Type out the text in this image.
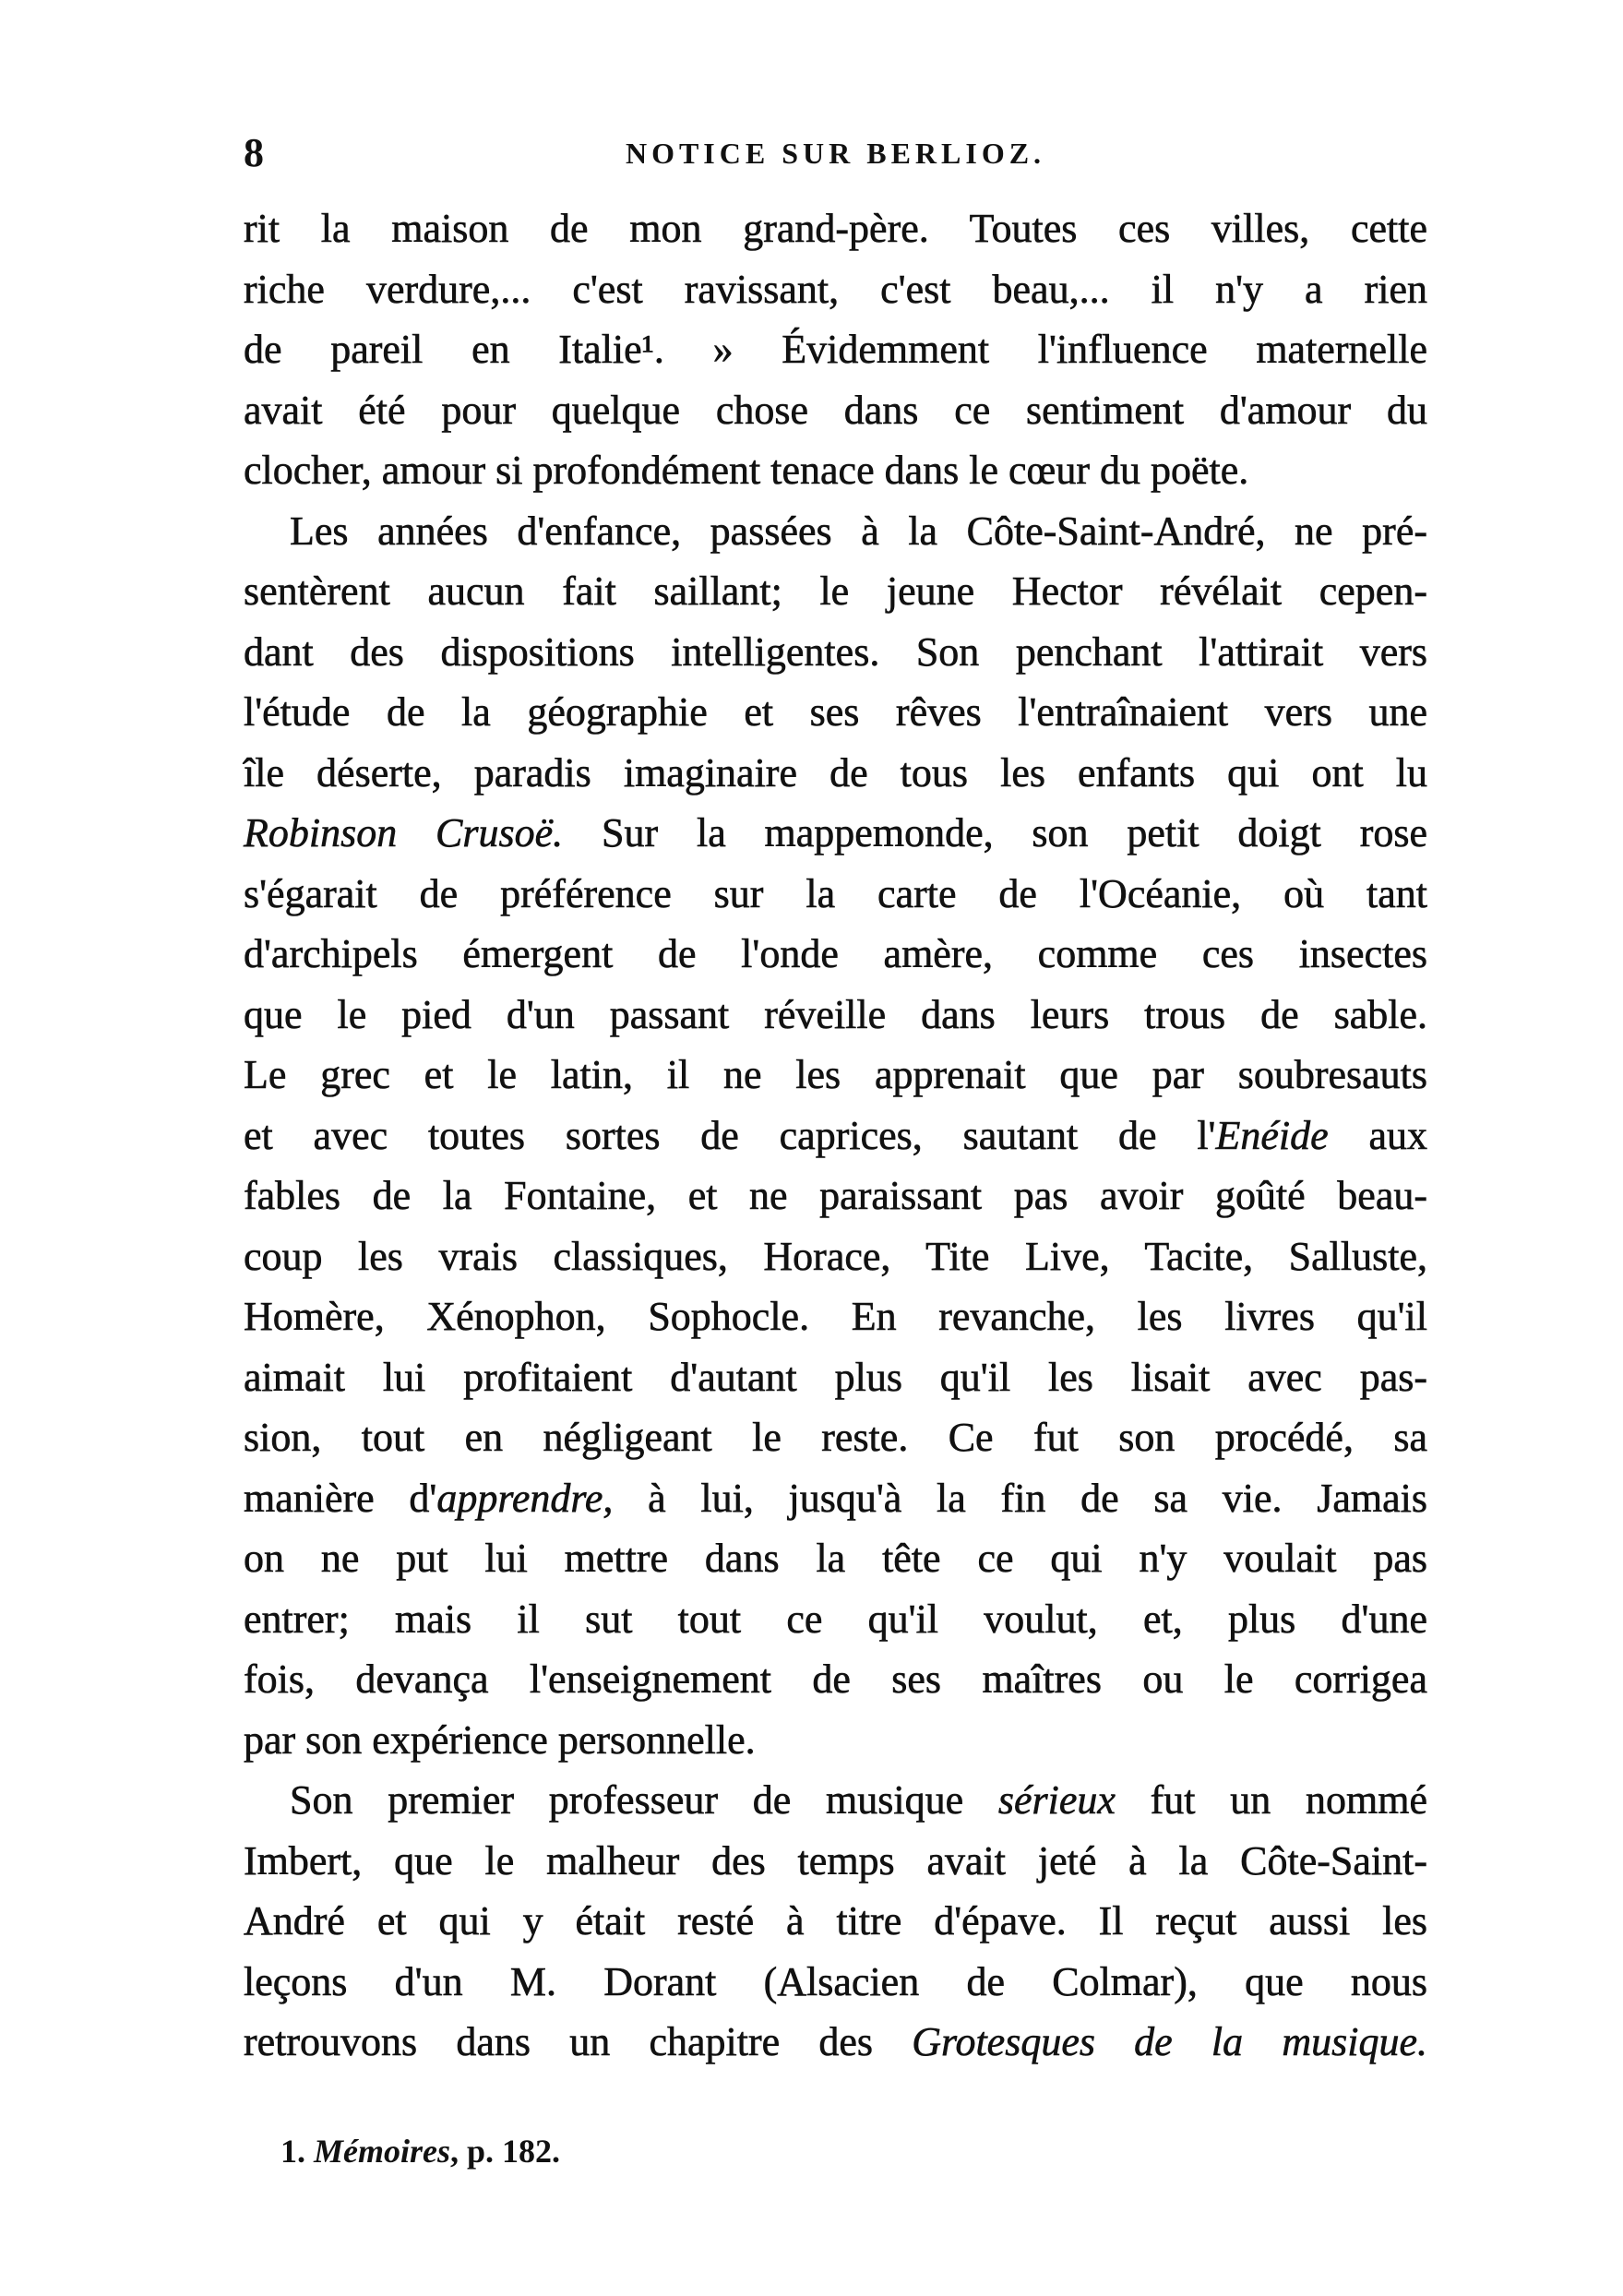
8	NOTICE SUR BERLIOZ.
rit la maison de mon grand-père. Toutes ces villes, cette
riche verdure,... c'est ravissant, c'est beau,... il n'y a rien
de pareil en Italie¹. » Évidemment l'influence maternelle
avait été pour quelque chose dans ce sentiment d'amour du
clocher, amour si profondément tenace dans le cœur du poëte.
Les années d'enfance, passées à la Côte-Saint-André, ne pré-
sentèrent aucun fait saillant; le jeune Hector révélait cepen-
dant des dispositions intelligentes. Son penchant l'attirait vers
l'étude de la géographie et ses rêves l'entraînaient vers une
île déserte, paradis imaginaire de tous les enfants qui ont lu
Robinson Crusoë. Sur la mappemonde, son petit doigt rose
s'égarait de préférence sur la carte de l'Océanie, où tant
d'archipels émergent de l'onde amère, comme ces insectes
que le pied d'un passant réveille dans leurs trous de sable.
Le grec et le latin, il ne les apprenait que par soubresauts
et avec toutes sortes de caprices, sautant de l'Enéide aux
fables de la Fontaine, et ne paraissant pas avoir goûté beau-
coup les vrais classiques, Horace, Tite Live, Tacite, Salluste,
Homère, Xénophon, Sophocle. En revanche, les livres qu'il
aimait lui profitaient d'autant plus qu'il les lisait avec pas-
sion, tout en négligeant le reste. Ce fut son procédé, sa
manière d'apprendre, à lui, jusqu'à la fin de sa vie. Jamais
on ne put lui mettre dans la tête ce qui n'y voulait pas
entrer; mais il sut tout ce qu'il voulut, et, plus d'une
fois, devança l'enseignement de ses maîtres ou le corrigea
par son expérience personnelle.
Son premier professeur de musique sérieux fut un nommé
Imbert, que le malheur des temps avait jeté à la Côte-Saint-
André et qui y était resté à titre d'épave. Il reçut aussi les
leçons d'un M. Dorant (Alsacien de Colmar), que nous
retrouvons dans un chapitre des Grotesques de la musique.
1. Mémoires, p. 182.
